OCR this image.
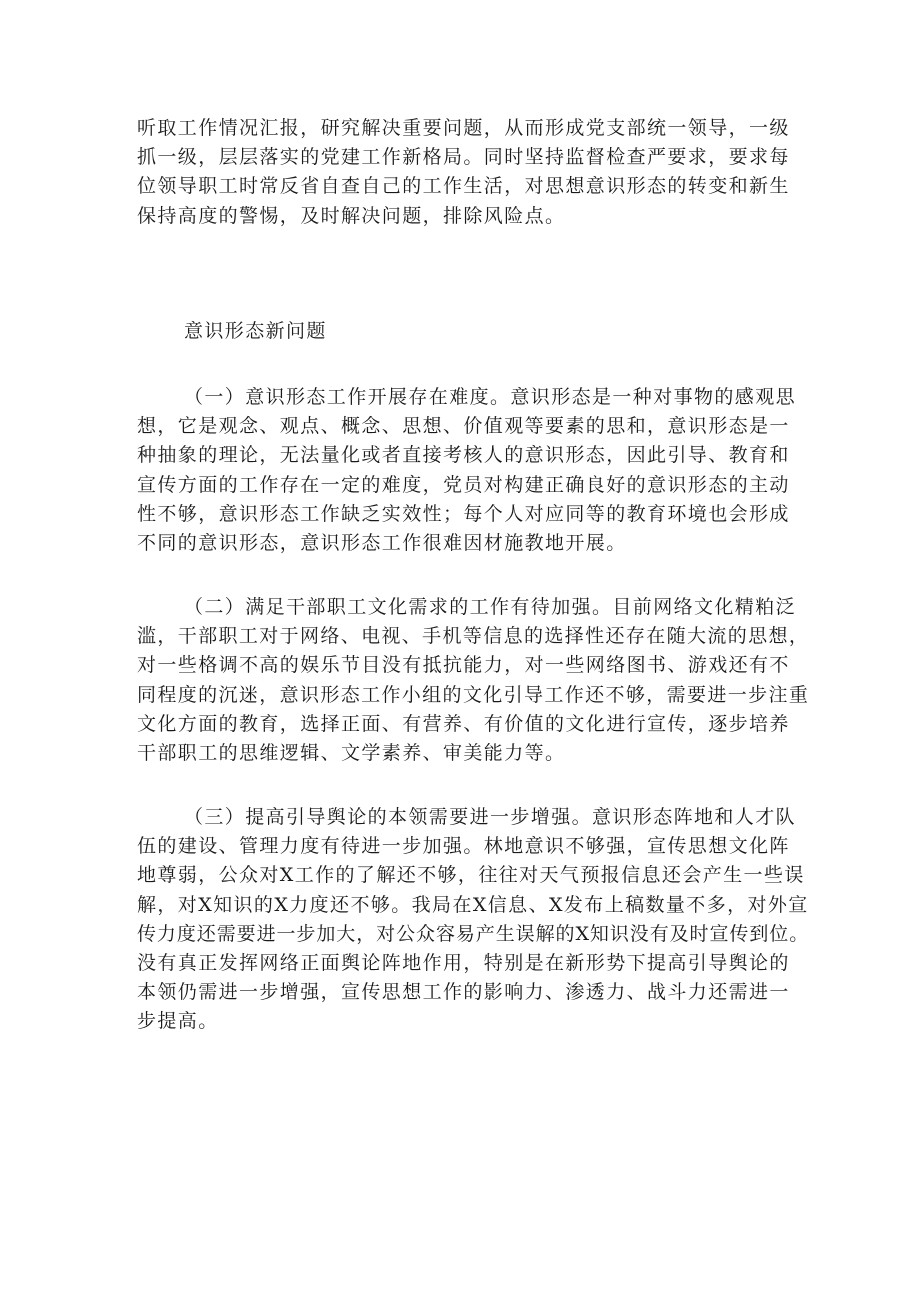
听取工作情况汇报，研究解决重要问题，从而形成党支部统一领导，一级
抓一级，层层落实的党建工作新格局。同时坚持监督检查严要求，要求每
位领导职工时常反省自查自己的工作生活，对思想意识形态的转变和新生
保持高度的警惕，及时解决问题，排除风险点。
意识形态新问题
（一）意识形态工作开展存在难度。意识形态是一种对事物的感观思
想，它是观念、观点、概念、思想、价值观等要素的思和，意识形态是一
种抽象的理论，无法量化或者直接考核人的意识形态，因此引导、教育和
宣传方面的工作存在一定的难度，党员对构建正确良好的意识形态的主动
性不够，意识形态工作缺乏实效性；每个人对应同等的教育环境也会形成
不同的意识形态，意识形态工作很难因材施教地开展。
（二）满足干部职工文化需求的工作有待加强。目前网络文化精粕泛
滥，干部职工对于网络、电视、手机等信息的选择性还存在随大流的思想，
对一些格调不高的娱乐节目没有抵抗能力，对一些网络图书、游戏还有不
同程度的沉迷，意识形态工作小组的文化引导工作还不够，需要进一步注重
文化方面的教育，选择正面、有营养、有价值的文化进行宣传，逐步培养
干部职工的思维逻辑、文学素养、审美能力等。
（三）提高引导舆论的本领需要进一步增强。意识形态阵地和人才队
伍的建设、管理力度有待进一步加强。林地意识不够强，宣传思想文化阵
地尊弱，公众对X工作的了解还不够，往往对天气预报信息还会产生一些误
解，对X知识的X力度还不够。我局在X信息、X发布上稿数量不多，对外宣
传力度还需要进一步加大，对公众容易产生误解的X知识没有及时宣传到位。
没有真正发挥网络正面舆论阵地作用，特别是在新形势下提高引导舆论的
本领仍需进一步增强，宣传思想工作的影响力、渗透力、战斗力还需进一
步提高。
